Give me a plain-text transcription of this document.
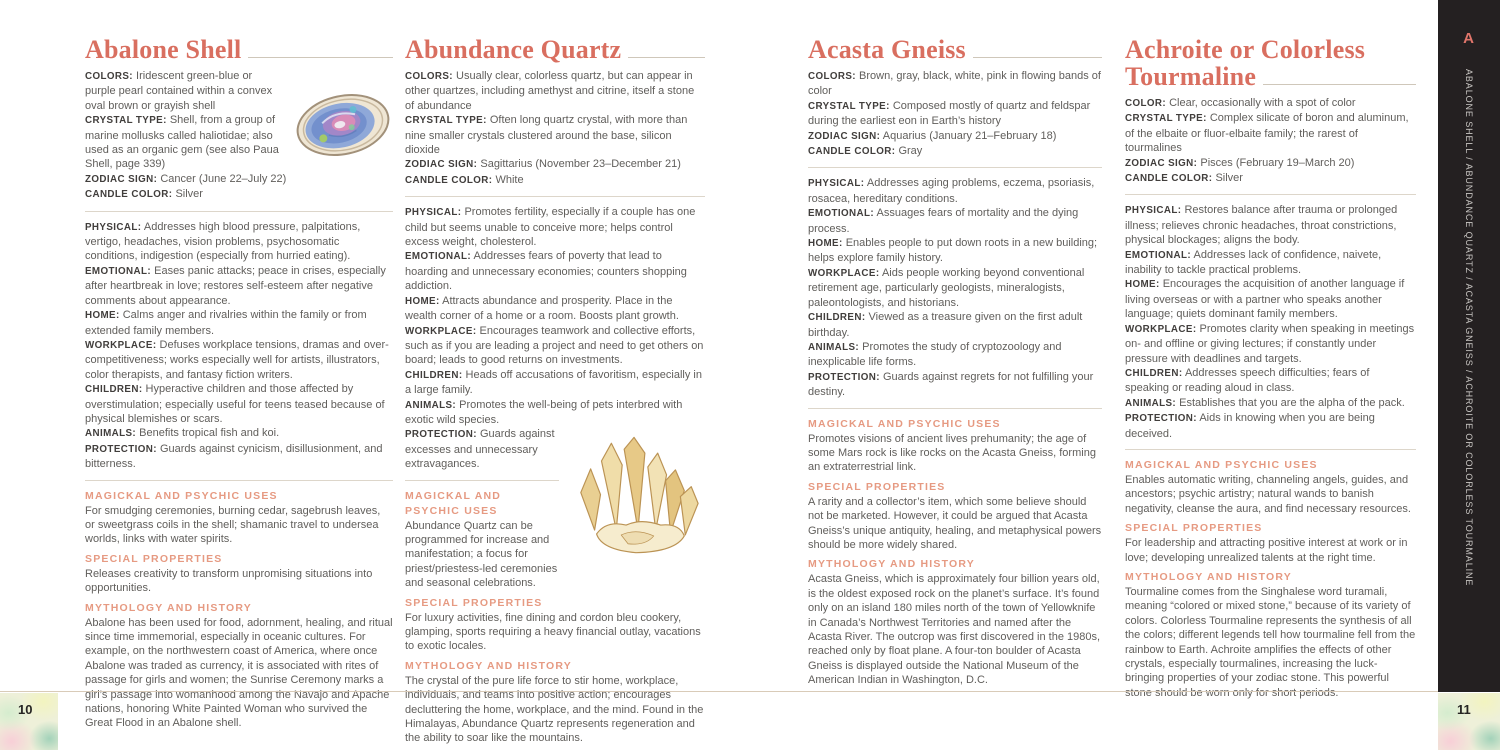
Abalone Shell

COLORS: Iridescent green-blue or purple pearl contained within a convex oval brown or grayish shell

CRYSTAL TYPE: Shell, from a group of marine mollusks called haliotidae; also used as an organic gem (see also Paua Shell, page 339)

ZODIAC SIGN: Cancer (June 22–July 22)

CANDLE COLOR: Silver

PHYSICAL: Addresses high blood pressure, palpitations, vertigo, headaches, vision problems, psychosomatic conditions, indigestion (especially from hurried eating).

EMOTIONAL: Eases panic attacks; peace in crises, especially after heartbreak in love; restores self-esteem after negative comments about appearance.

HOME: Calms anger and rivalries within the family or from extended family members.

WORKPLACE: Defuses workplace tensions, dramas and over-competitiveness; works especially well for artists, illustrators, color therapists, and fantasy fiction writers.

CHILDREN: Hyperactive children and those affected by overstimulation; especially useful for teens teased because of physical blemishes or scars.

ANIMALS: Benefits tropical fish and koi.

PROTECTION: Guards against cynicism, disillusionment, and bitterness.

MAGICKAL AND PSYCHIC USES

For smudging ceremonies, burning cedar, sagebrush leaves, or sweetgrass coils in the shell; shamanic travel to undersea worlds, links with water spirits.

SPECIAL PROPERTIES

Releases creativity to transform unpromising situations into opportunities.

MYTHOLOGY AND HISTORY

Abalone has been used for food, adornment, healing, and ritual since time immemorial, especially in oceanic cultures. For example, on the northwestern coast of America, where once Abalone was traded as currency, it is associated with rites of passage for girls and women; the Sunrise Ceremony marks a girl’s passage into womanhood among the Navajo and Apache nations, honoring White Painted Woman who survived the Great Flood in an Abalone shell.

Abundance Quartz

COLORS: Usually clear, colorless quartz, but can appear in other quartzes, including amethyst and citrine, itself a stone of abundance

CRYSTAL TYPE: Often long quartz crystal, with more than nine smaller crystals clustered around the base, silicon dioxide

ZODIAC SIGN: Sagittarius (November 23–December 21)

CANDLE COLOR: White

PHYSICAL: Promotes fertility, especially if a couple has one child but seems unable to conceive more; helps control excess weight, cholesterol.

EMOTIONAL: Addresses fears of poverty that lead to hoarding and unnecessary economies; counters shopping addiction.

HOME: Attracts abundance and prosperity. Place in the wealth corner of a home or a room. Boosts plant growth.

WORKPLACE: Encourages teamwork and collective efforts, such as if you are leading a project and need to get others on board; leads to good returns on investments.

CHILDREN: Heads off accusations of favoritism, especially in a large family.

ANIMALS: Promotes the well-being of pets interbred with exotic wild species.

PROTECTION: Guards against excesses and unnecessary extravagances.

MAGICKAL AND PSYCHIC USES

Abundance Quartz can be programmed for increase and manifestation; a focus for priest/priestess-led ceremonies and seasonal celebrations.

SPECIAL PROPERTIES

For luxury activities, fine dining and cordon bleu cookery, glamping, sports requiring a heavy financial outlay, vacations to exotic locales.

MYTHOLOGY AND HISTORY

The crystal of the pure life force to stir home, workplace, individuals, and teams into positive action; encourages decluttering the home, workplace, and the mind. Found in the Himalayas, Abundance Quartz represents regeneration and the ability to soar like the mountains.

Acasta Gneiss

COLORS: Brown, gray, black, white, pink in flowing bands of color

CRYSTAL TYPE: Composed mostly of quartz and feldspar during the earliest eon in Earth’s history

ZODIAC SIGN: Aquarius (January 21–February 18)

CANDLE COLOR: Gray

PHYSICAL: Addresses aging problems, eczema, psoriasis, rosacea, hereditary conditions.

EMOTIONAL: Assuages fears of mortality and the dying process.

HOME: Enables people to put down roots in a new building; helps explore family history.

WORKPLACE: Aids people working beyond conventional retirement age, particularly geologists, mineralogists, paleontologists, and historians.

CHILDREN: Viewed as a treasure given on the first adult birthday.

ANIMALS: Promotes the study of cryptozoology and inexplicable life forms.

PROTECTION: Guards against regrets for not fulfilling your destiny.

MAGICKAL AND PSYCHIC USES

Promotes visions of ancient lives prehumanity; the age of some Mars rock is like rocks on the Acasta Gneiss, forming an extraterrestrial link.

SPECIAL PROPERTIES

A rarity and a collector’s item, which some believe should not be marketed. However, it could be argued that Acasta Gneiss’s unique antiquity, healing, and metaphysical powers should be more widely shared.

MYTHOLOGY AND HISTORY

Acasta Gneiss, which is approximately four billion years old, is the oldest exposed rock on the planet’s surface. It’s found only on an island 180 miles north of the town of Yellowknife in Canada’s Northwest Territories and named after the Acasta River. The outcrop was first discovered in the 1980s, reached only by float plane. A four-ton boulder of Acasta Gneiss is displayed outside the National Museum of the American Indian in Washington, D.C.

Achroite or Colorless
Tourmaline

COLOR: Clear, occasionally with a spot of color

CRYSTAL TYPE: Complex silicate of boron and aluminum, of the elbaite or fluor-elbaite family; the rarest of tourmalines

ZODIAC SIGN: Pisces (February 19–March 20)

CANDLE COLOR: Silver

PHYSICAL: Restores balance after trauma or prolonged illness; relieves chronic headaches, throat constrictions, physical blockages; aligns the body.

EMOTIONAL: Addresses lack of confidence, naivete, inability to tackle practical problems.

HOME: Encourages the acquisition of another language if living overseas or with a partner who speaks another language; quiets dominant family members.

WORKPLACE: Promotes clarity when speaking in meetings on- and offline or giving lectures; if constantly under pressure with deadlines and targets.

CHILDREN: Addresses speech difficulties; fears of speaking or reading aloud in class.

ANIMALS: Establishes that you are the alpha of the pack.

PROTECTION: Aids in knowing when you are being deceived.

MAGICKAL AND PSYCHIC USES

Enables automatic writing, channeling angels, guides, and ancestors; psychic artistry; natural wands to banish negativity, cleanse the aura, and find necessary resources.

SPECIAL PROPERTIES

For leadership and attracting positive interest at work or in love; developing unrealized talents at the right time.

MYTHOLOGY AND HISTORY

Tourmaline comes from the Singhalese word turamali, meaning “colored or mixed stone,” because of its variety of colors. Colorless Tourmaline represents the synthesis of all the colors; different legends tell how tourmaline fell from the rainbow to Earth. Achroite amplifies the effects of other crystals, especially tourmalines, increasing the luck-bringing properties of your zodiac stone. This powerful stone should be worn only for short periods.

10	11
A
ABALONE SHELL / ABUNDANCE QUARTZ / ACASTA GNEISS / ACHROITE OR COLORLESS TOURMALINE
